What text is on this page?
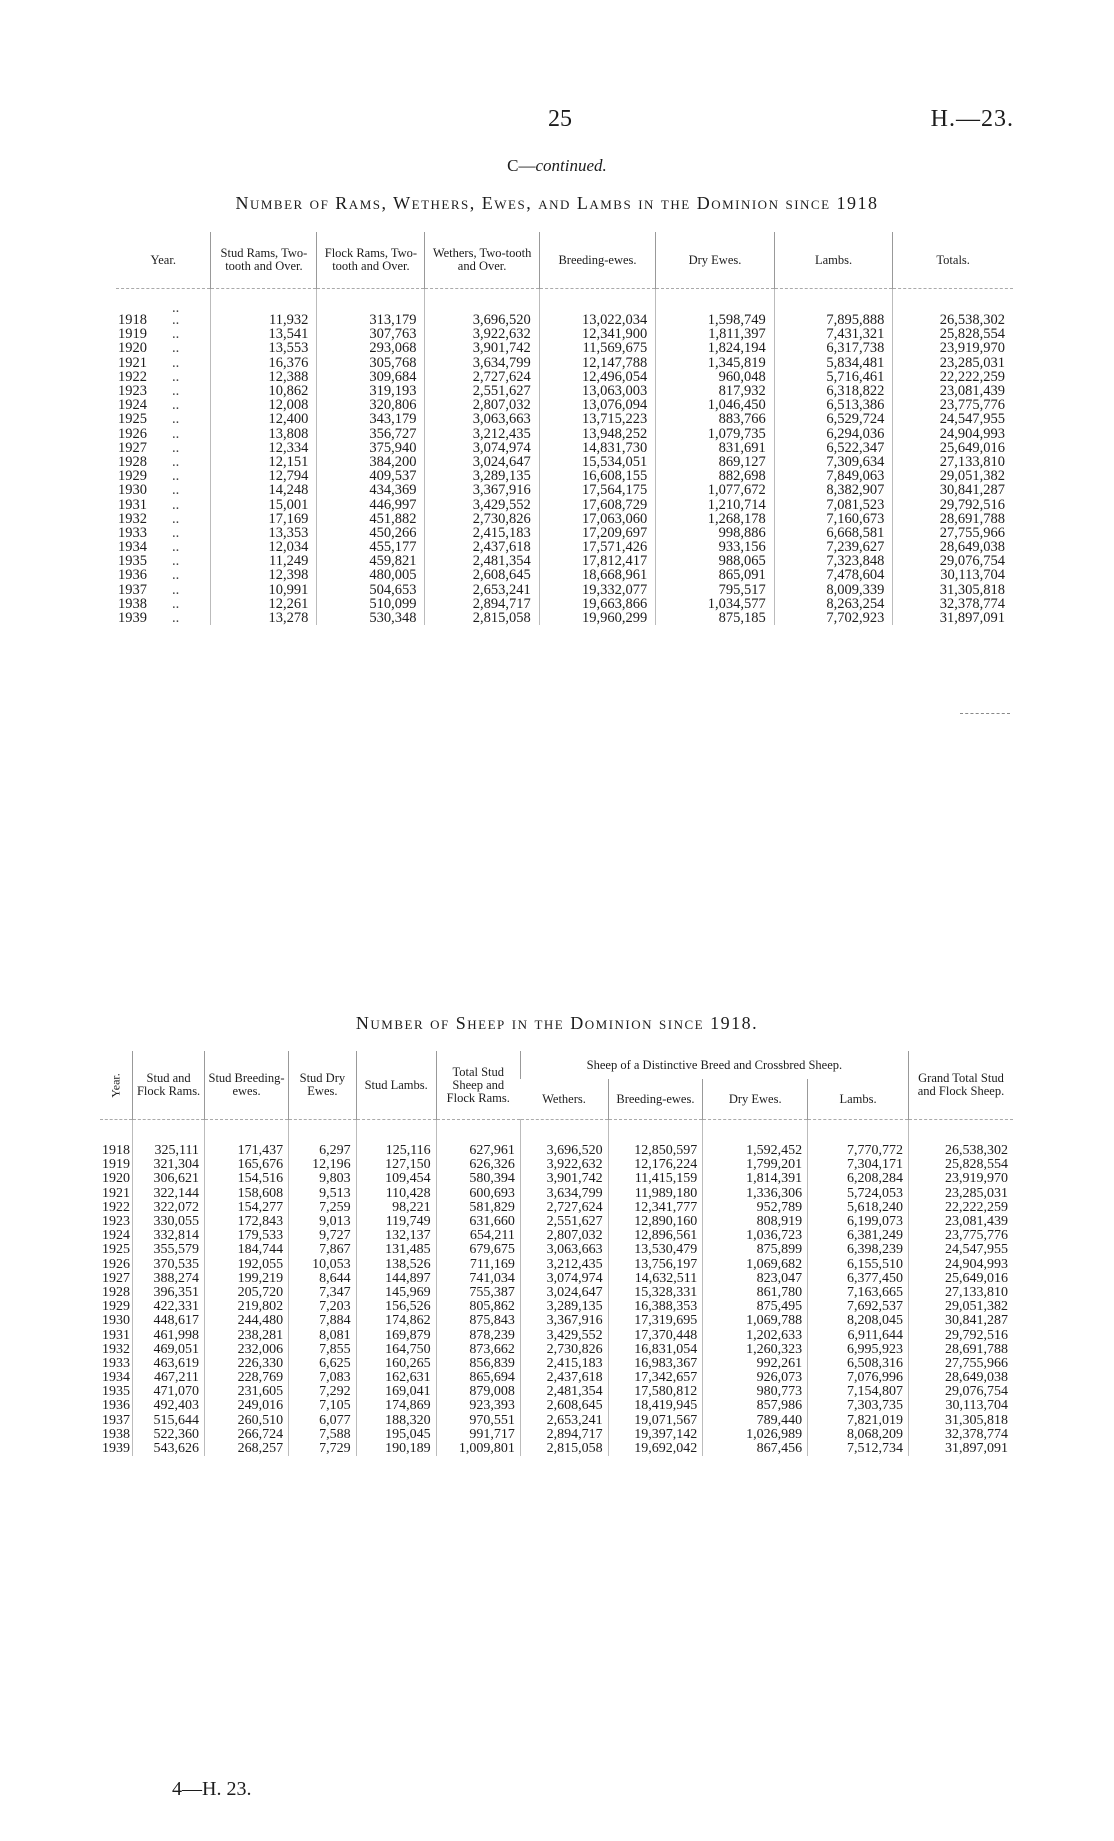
25	H.—23.
C—continued.
Number of Rams, Wethers, Ewes, and Lambs in the Dominion since 1918
Year.	Stud Rams, Two-tooth and Over.	Flock Rams, Two-tooth and Over.	Wethers, Two-tooth and Over.	Breeding-ewes.	Dry Ewes.	Lambs.	Totals.

..							

1918 ..	11,932	313,179	3,696,520	13,022,034	1,598,749	7,895,888	26,538,302
1919 ..	13,541	307,763	3,922,632	12,341,900	1,811,397	7,431,321	25,828,554
1920 ..	13,553	293,068	3,901,742	11,569,675	1,824,194	6,317,738	23,919,970
1921 ..	16,376	305,768	3,634,799	12,147,788	1,345,819	5,834,481	23,285,031
1922 ..	12,388	309,684	2,727,624	12,496,054	960,048	5,716,461	22,222,259
1923 ..	10,862	319,193	2,551,627	13,063,003	817,932	6,318,822	23,081,439
1924 ..	12,008	320,806	2,807,032	13,076,094	1,046,450	6,513,386	23,775,776
1925 ..	12,400	343,179	3,063,663	13,715,223	883,766	6,529,724	24,547,955
1926 ..	13,808	356,727	3,212,435	13,948,252	1,079,735	6,294,036	24,904,993
1927 ..	12,334	375,940	3,074,974	14,831,730	831,691	6,522,347	25,649,016
1928 ..	12,151	384,200	3,024,647	15,534,051	869,127	7,309,634	27,133,810
1929 ..	12,794	409,537	3,289,135	16,608,155	882,698	7,849,063	29,051,382
1930 ..	14,248	434,369	3,367,916	17,564,175	1,077,672	8,382,907	30,841,287
1931 ..	15,001	446,997	3,429,552	17,608,729	1,210,714	7,081,523	29,792,516
1932 ..	17,169	451,882	2,730,826	17,063,060	1,268,178	7,160,673	28,691,788
1933 ..	13,353	450,266	2,415,183	17,209,697	998,886	6,668,581	27,755,966
1934 ..	12,034	455,177	2,437,618	17,571,426	933,156	7,239,627	28,649,038
1935 ..	11,249	459,821	2,481,354	17,812,417	988,065	7,323,848	29,076,754
1936 ..	12,398	480,005	2,608,645	18,668,961	865,091	7,478,604	30,113,704
1937 ..	10,991	504,653	2,653,241	19,332,077	795,517	8,009,339	31,305,818
1938 ..	12,261	510,099	2,894,717	19,663,866	1,034,577	8,263,254	32,378,774
1939 ..	13,278	530,348	2,815,058	19,960,299	875,185	7,702,923	31,897,091
Number of Sheep in the Dominion since 1918.
Year.	Stud and Flock Rams.	Stud Breeding-ewes.	Stud Dry Ewes.	Stud Lambs.	Total Stud Sheep and Flock Rams.	Sheep of a Distinctive Breed and Crossbred Sheep.				Grand Total Stud and Flock Sheep.
						Wethers.	Breeding-ewes.	Dry Ewes.	Lambs.	

1918	325,111	171,437	6,297	125,116	627,961	3,696,520	12,850,597	1,592,452	7,770,772	26,538,302
1919	321,304	165,676	12,196	127,150	626,326	3,922,632	12,176,224	1,799,201	7,304,171	25,828,554
1920	306,621	154,516	9,803	109,454	580,394	3,901,742	11,415,159	1,814,391	6,208,284	23,919,970
1921	322,144	158,608	9,513	110,428	600,693	3,634,799	11,989,180	1,336,306	5,724,053	23,285,031
1922	322,072	154,277	7,259	98,221	581,829	2,727,624	12,341,777	952,789	5,618,240	22,222,259
1923	330,055	172,843	9,013	119,749	631,660	2,551,627	12,890,160	808,919	6,199,073	23,081,439
1924	332,814	179,533	9,727	132,137	654,211	2,807,032	12,896,561	1,036,723	6,381,249	23,775,776
1925	355,579	184,744	7,867	131,485	679,675	3,063,663	13,530,479	875,899	6,398,239	24,547,955
1926	370,535	192,055	10,053	138,526	711,169	3,212,435	13,756,197	1,069,682	6,155,510	24,904,993
1927	388,274	199,219	8,644	144,897	741,034	3,074,974	14,632,511	823,047	6,377,450	25,649,016
1928	396,351	205,720	7,347	145,969	755,387	3,024,647	15,328,331	861,780	7,163,665	27,133,810
1929	422,331	219,802	7,203	156,526	805,862	3,289,135	16,388,353	875,495	7,692,537	29,051,382
1930	448,617	244,480	7,884	174,862	875,843	3,367,916	17,319,695	1,069,788	8,208,045	30,841,287
1931	461,998	238,281	8,081	169,879	878,239	3,429,552	17,370,448	1,202,633	6,911,644	29,792,516
1932	469,051	232,006	7,855	164,750	873,662	2,730,826	16,831,054	1,260,323	6,995,923	28,691,788
1933	463,619	226,330	6,625	160,265	856,839	2,415,183	16,983,367	992,261	6,508,316	27,755,966
1934	467,211	228,769	7,083	162,631	865,694	2,437,618	17,342,657	926,073	7,076,996	28,649,038
1935	471,070	231,605	7,292	169,041	879,008	2,481,354	17,580,812	980,773	7,154,807	29,076,754
1936	492,403	249,016	7,105	174,869	923,393	2,608,645	18,419,945	857,986	7,303,735	30,113,704
1937	515,644	260,510	6,077	188,320	970,551	2,653,241	19,071,567	789,440	7,821,019	31,305,818
1938	522,360	266,724	7,588	195,045	991,717	2,894,717	19,397,142	1,026,989	8,068,209	32,378,774
1939	543,626	268,257	7,729	190,189	1,009,801	2,815,058	19,692,042	867,456	7,512,734	31,897,091
4—H. 23.
